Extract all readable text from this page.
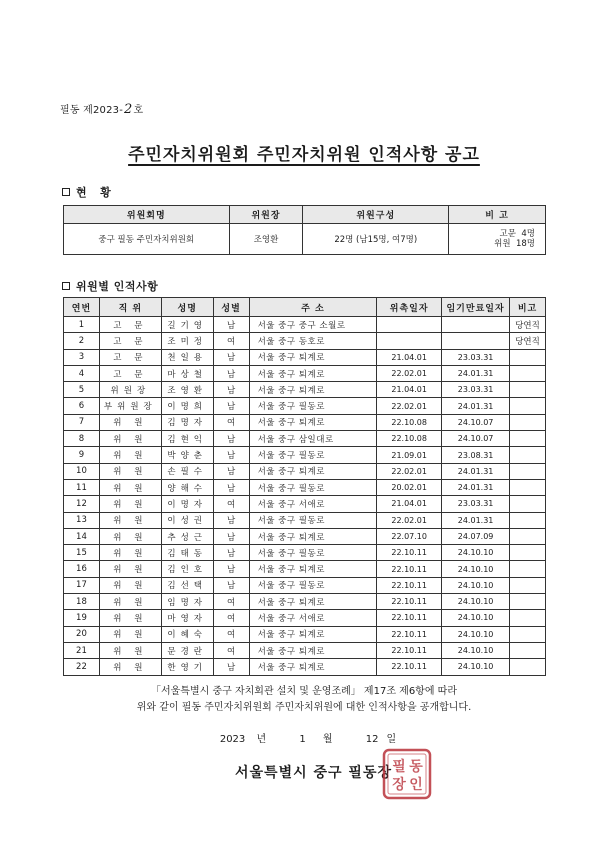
필동 제2023-2호
주민자치위원회 주민자치위원 인적사항 공고
현   황
위원회명	위원장	위원구성	비 고
중구 필동 주민자치위원회	조영환	22명 (남15명, 여7명)	고문  4명
위원  18명
위원별 인적사항
연번	직 위	성명	성별	주 소	위촉일자	임기만료일자	비고
1	고 문	길기영	남	서울 중구 중구 소월로			당연직
2	고 문	조미정	여	서울 중구 동호로			당연직
3	고 문	천일용	남	서울 중구 퇴계로	21.04.01	23.03.31	
4	고 문	마상철	남	서울 중구 퇴계로	22.02.01	24.01.31	
5	위원장	조영환	남	서울 중구 퇴계로	21.04.01	23.03.31	
6	부위원장	이명희	남	서울 중구 필동로	22.02.01	24.01.31	
7	위 원	김명자	여	서울 중구 퇴계로	22.10.08	24.10.07	
8	위 원	김현익	남	서울 중구 삼일대로	22.10.08	24.10.07	
9	위 원	박양춘	남	서울 중구 필동로	21.09.01	23.08.31	
10	위 원	손필수	남	서울 중구 퇴계로	22.02.01	24.01.31	
11	위 원	양해수	남	서울 중구 필동로	20.02.01	24.01.31	
12	위 원	이명자	여	서울 중구 서애로	21.04.01	23.03.31	
13	위 원	이성권	남	서울 중구 필동로	22.02.01	24.01.31	
14	위 원	추성근	남	서울 중구 퇴계로	22.07.10	24.07.09	
15	위 원	김태동	남	서울 중구 필동로	22.10.11	24.10.10	
16	위 원	김인호	남	서울 중구 퇴계로	22.10.11	24.10.10	
17	위 원	김선택	남	서울 중구 필동로	22.10.11	24.10.10	
18	위 원	임명자	여	서울 중구 퇴계로	22.10.11	24.10.10	
19	위 원	마영자	여	서울 중구 서애로	22.10.11	24.10.10	
20	위 원	이혜숙	여	서울 중구 퇴계로	22.10.11	24.10.10	
21	위 원	문경란	여	서울 중구 퇴계로	22.10.11	24.10.10	
22	위 원	한영기	남	서울 중구 퇴계로	22.10.11	24.10.10	
「서울특별시 중구 자치회관 설치 및 운영조례」 제17조 제6항에 따라
위와 같이 필동 주민자치위원회 주민자치위원에 대한 인적사항을 공개합니다.
2023 년	1 월	12 일
서울특별시 중구 필동장 필 동
장 인
